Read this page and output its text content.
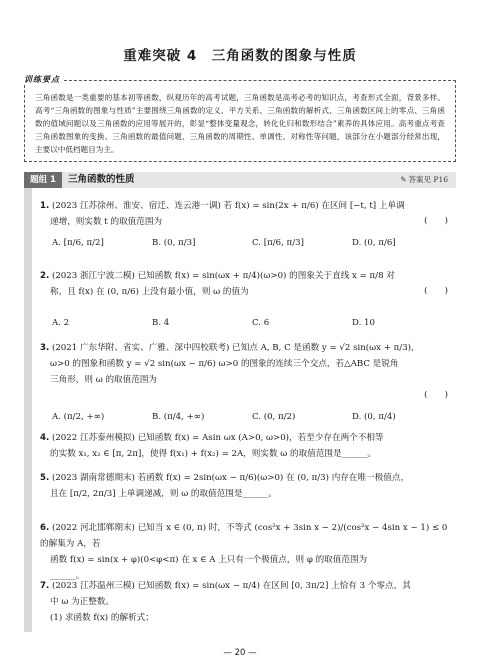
重难突破 4　三角函数的图象与性质
三角函数是一类重要的基本初等函数，纵观历年的高考试题，三角函数是高考必考的知识点，考查形式全面，背景多样。高考“三角函数的图象与性质”主要围绕三角函数的定义、平方关系、三角函数的解析式、三角函数区间上的零点、三角函数的值域问题以及三角函数的应用等展开的，彰显“整体变量观念，转化化归和数形结合”素养的具体应用。高考重点考查三角函数图象的变换、三角函数的最值问题、三角函数的周期性、单调性、对称性等问题，该部分在小题部分经常出现，主要以中低档题目为主。
训练要点
题组 1	三角函数的性质	✎ 答案见 P16
1. (2023 江苏徐州、淮安、宿迁、连云港一调) 若 f(x) = sin(2x + π/6) 在区间 [−t, t] 上单调
递增，则实数 t 的取值范围为	(　　)
A. [π/6, π/2]	B. (0, π/3]	C. [π/6, π/3]	D. (0, π/6]
2. (2023 浙江宁波二模) 已知函数 f(x) = sin(ωx + π/4)(ω>0) 的图象关于直线 x = π/8 对
称，且 f(x) 在 (0, π/6) 上没有最小值，则 ω 的值为	(　　)
A. 2	B. 4	C. 6	D. 10
3. (2021 广东华附、省实、广雅、深中四校联考) 已知点 A, B, C 是函数 y = √2 sin(ωx + π/3),
ω>0 的图象和函数 y = √2 sin(ωx − π/6) ω>0 的图象的连续三个交点，若△ABC 是锐角
三角形，则 ω 的取值范围为
(　　)
A. (π/2, +∞)	B. (π/4, +∞)	C. (0, π/2)	D. (0, π/4)
4. (2022 江苏泰州模拟) 已知函数 f(x) = Asin ωx (A>0, ω>0)，若至少存在两个不相等
的实数 x₁, x₂ ∈ [π, 2π]，使得 f(x₁) + f(x₂) = 2A，则实数 ω 的取值范围是______。
5. (2023 湖南常德期末) 若函数 f(x) = 2sin(ωx − π/6)(ω>0) 在 (0, π/3) 内存在唯一极值点，
且在 [π/2, 2π/3] 上单调递减，则 ω 的取值范围是______。
6. (2022 河北邯郸期末) 已知当 x ∈ (0, π) 时，不等式 (cos²x + 3sin x − 2)/(cos²x − 4sin x − 1) ≤ 0 的解集为 A，若
函数 f(x) = sin(x + φ)(0<φ<π) 在 x ∈ A 上只有一个极值点，则 φ 的取值范围为
______。
7. (2023 江苏温州三模) 已知函数 f(x) = sin(ωx − π/4) 在区间 [0, 3π/2] 上恰有 3 个零点，其
中 ω 为正整数。
(1) 求函数 f(x) 的解析式；
— 20 —
